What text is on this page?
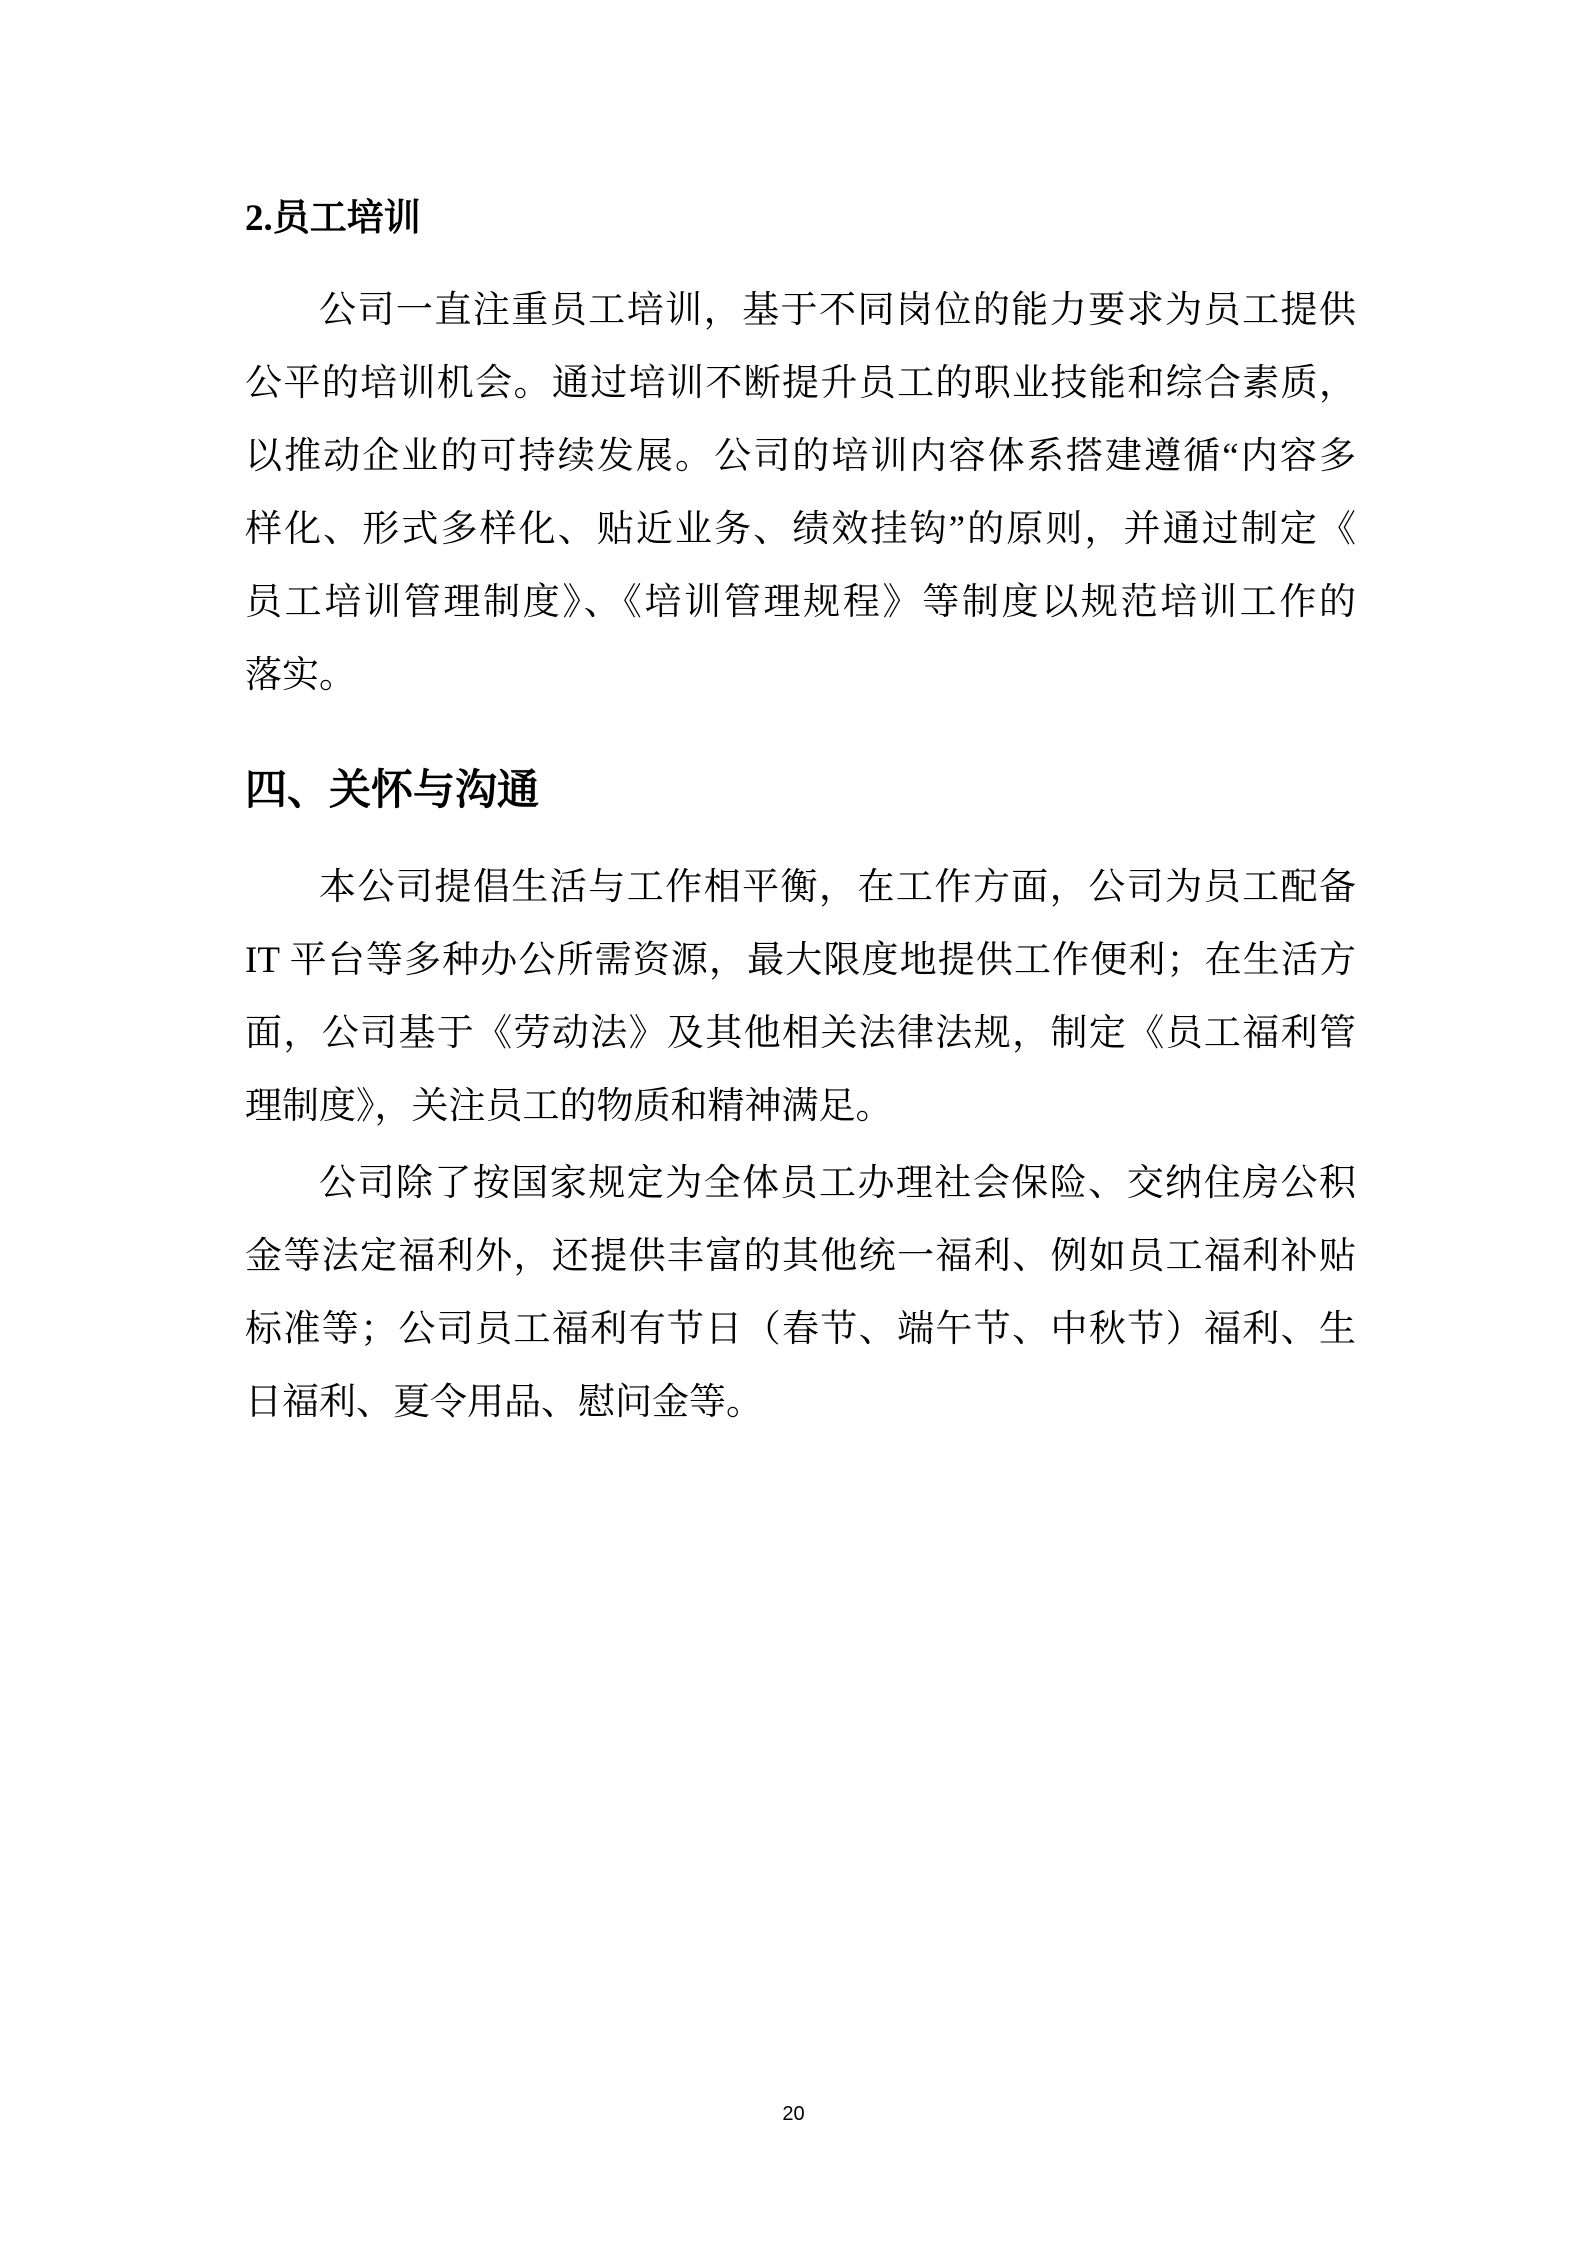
2.员工培训
公司一直注重员工培训，基于不同岗位的能力要求为员工提供
公平的培训机会。通过培训不断提升员工的职业技能和综合素质，
以推动企业的可持续发展。公司的培训内容体系搭建遵循“内容多
样化、形式多样化、贴近业务、绩效挂钩”的原则，并通过制定《
员工培训管理制度》、《培训管理规程》等制度以规范培训工作的
落实。
四、关怀与沟通
本公司提倡生活与工作相平衡，在工作方面，公司为员工配备
IT 平台等多种办公所需资源，最大限度地提供工作便利；在生活方
面，公司基于《劳动法》及其他相关法律法规，制定《员工福利管
理制度》，关注员工的物质和精神满足。
公司除了按国家规定为全体员工办理社会保险、交纳住房公积
金等法定福利外，还提供丰富的其他统一福利、例如员工福利补贴
标准等；公司员工福利有节日（春节、端午节、中秋节）福利、生
日福利、夏令用品、慰问金等。
20
